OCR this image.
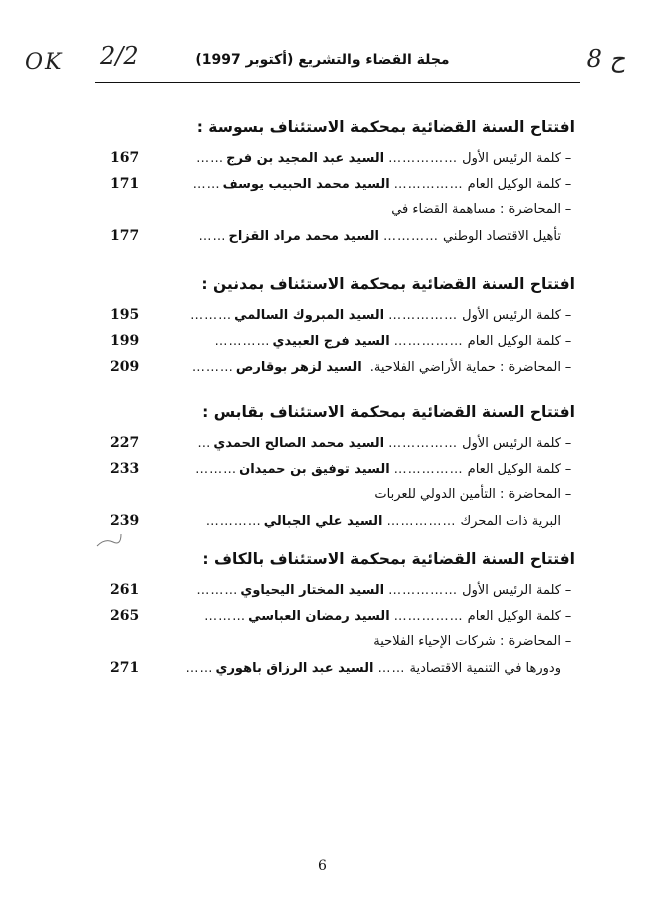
OK 2/2	8 ح
مجلة القضاء والتشريع (أكتوبر 1997)
افتتاح السنة القضائية بمحكمة الاستئناف بسوسة :
–
كلمة الرئيس الأول
……………
السيد عبد المجيد بن فرج
……
167
–
كلمة الوكيل العام
……………
السيد محمد الحبيب يوسف
……
171
–
المحاضرة : مساهمة القضاء في
تأهيل الاقتصاد الوطني
…………
السيد محمد مراد القزاح
……
177
افتتاح السنة القضائية بمحكمة الاستئناف بمدنين :
–
كلمة الرئيس الأول
……………
السيد المبروك السالمي
………
195
–
كلمة الوكيل العام
……………
السيد فرج العبيدي
…………
199
–
المحاضرة : حماية الأراضي الفلاحية.
السيد لزهر بوقارص
………
209
افتتاح السنة القضائية بمحكمة الاستئناف بقابس :
–
كلمة الرئيس الأول
……………
السيد محمد الصالح الحمدي
…
227
–
كلمة الوكيل العام
……………
السيد توفيق بن حميدان
………
233
–
المحاضرة : التأمين الدولي للعربات
البرية ذات المحرك
……………
السيد علي الجبالي
…………
239
افتتاح السنة القضائية بمحكمة الاستئناف بالكاف :
–
كلمة الرئيس الأول
……………
السيد المختار اليحياوي
………
261
–
كلمة الوكيل العام
……………
السيد رمضان العباسي
………
265
–
المحاضرة : شركات الإحياء الفلاحية
ودورها في التنمية الاقتصادية
……
السيد عبد الرزاق باهوري
……
271
6
